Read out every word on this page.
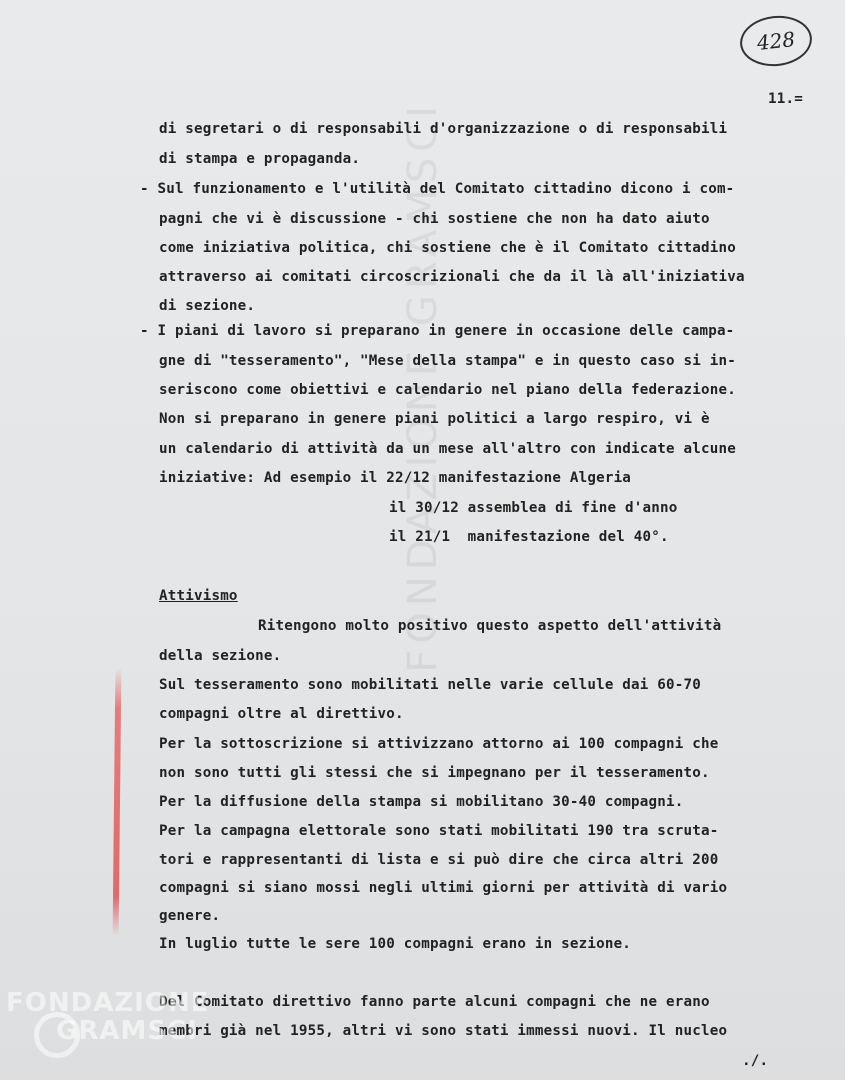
FONDAZIONE GRAMSCI
428
11.=
di segretari o di responsabili d'organizzazione o di responsabili
di stampa e propaganda.
- Sul funzionamento e l'utilità del Comitato cittadino dicono i com-
pagni che vi è discussione - chi sostiene che non ha dato aiuto
come iniziativa politica, chi sostiene che è il Comitato cittadino
attraverso ai comitati circoscrizionali che da il là all'iniziativa
di sezione.
- I piani di lavoro si preparano in genere in occasione delle campa-
gne di "tesseramento", "Mese della stampa" e in questo caso si in-
seriscono come obiettivi e calendario nel piano della federazione.
Non si preparano in genere piani politici a largo respiro, vi è
un calendario di attività da un mese all'altro con indicate alcune
iniziative: Ad esempio il 22/12 manifestazione Algeria
il 30/12 assemblea di fine d'anno
il 21/1  manifestazione del 40°.
Attivismo
Ritengono molto positivo questo aspetto dell'attività
della sezione.
Sul tesseramento sono mobilitati nelle varie cellule dai 60-70
compagni oltre al direttivo.
Per la sottoscrizione si attivizzano attorno ai 100 compagni che
non sono tutti gli stessi che si impegnano per il tesseramento.
Per la diffusione della stampa si mobilitano 30-40 compagni.
Per la campagna elettorale sono stati mobilitati 190 tra scruta-
tori e rappresentanti di lista e si può dire che circa altri 200
compagni si siano mossi negli ultimi giorni per attività di vario
genere.
In luglio tutte le sere 100 compagni erano in sezione.
Del Comitato direttivo fanno parte alcuni compagni che ne erano
membri già nel 1955, altri vi sono stati immessi nuovi. Il nucleo
./.
FONDAZIONE
GRAMSCI
